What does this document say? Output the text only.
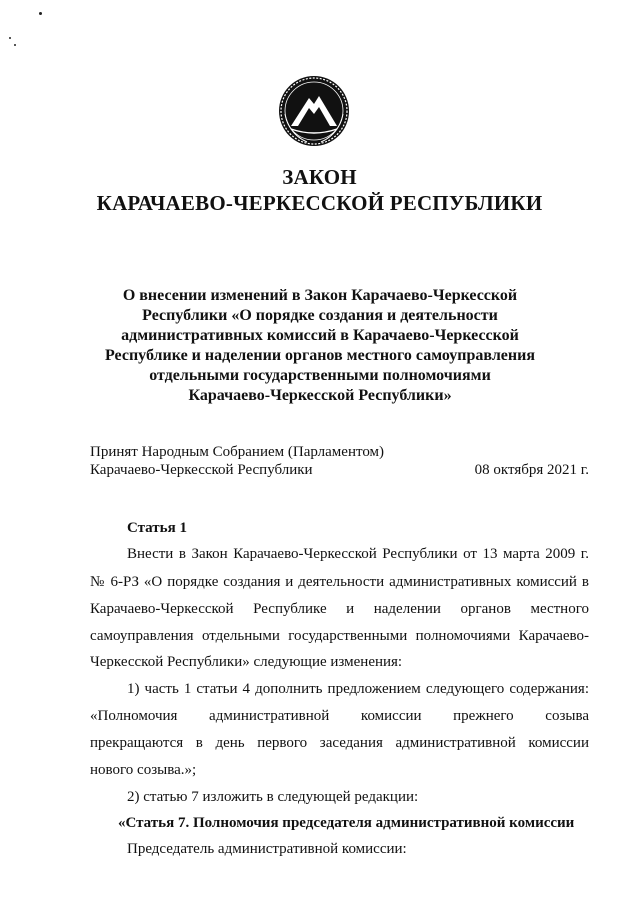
ЗАКОН
КАРАЧАЕВО-ЧЕРКЕССКОЙ РЕСПУБЛИКИ
О внесении изменений в Закон Карачаево-Черкесской
Республики «О порядке создания и деятельности
административных комиссий в Карачаево-Черкесской
Республике и наделении органов местного самоуправления
отдельными государственными полномочиями
Карачаево-Черкесской Республики»
Принят Народным Собранием (Парламентом)
Карачаево-Черкесской Республики	08 октября 2021 г.
Статья 1
Внести в Закон Карачаево-Черкесской Республики от 13 марта 2009 г.
№ 6-РЗ «О порядке создания и деятельности административных комиссий в
Карачаево-Черкесской Республике и наделении органов местного
самоуправления отдельными государственными полномочиями Карачаево-
Черкесской Республики» следующие изменения:
1) часть 1 статьи 4 дополнить предложением следующего содержания:
«Полномочия административной комиссии прежнего созыва
прекращаются в день первого заседания административной комиссии
нового созыва.»;
2) статью 7 изложить в следующей редакции:
«Статья 7. Полномочия председателя административной комиссии
Председатель административной комиссии:
